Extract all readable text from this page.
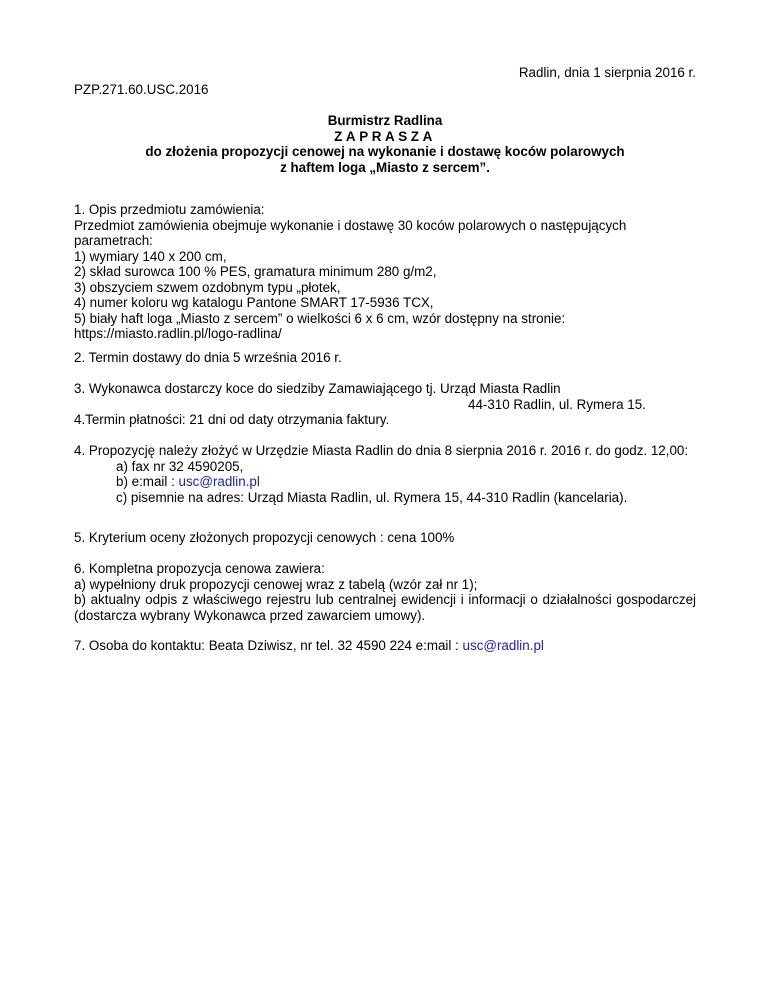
Radlin, dnia 1 sierpnia 2016 r.
PZP.271.60.USC.2016
Burmistrz Radlina
ZAPRASZA
do złożenia propozycji cenowej na wykonanie i dostawę koców polarowych
z haftem loga „Miasto z sercem”.
1. Opis przedmiotu zamówienia:
Przedmiot zamówienia obejmuje wykonanie i dostawę 30 koców polarowych o następujących parametrach:
1) wymiary 140 x 200 cm,
2) skład surowca 100 % PES, gramatura minimum 280 g/m2,
3) obszyciem szwem ozdobnym typu „płotek,
4) numer koloru wg katalogu Pantone SMART 17-5936 TCX,
5) biały haft loga „Miasto z sercem” o wielkości 6 x 6 cm, wzór dostępny na stronie:
https://miasto.radlin.pl/logo-radlina/
2. Termin dostawy do dnia 5 września 2016 r.
3. Wykonawca dostarczy koce do siedziby Zamawiającego tj. Urząd Miasta Radlin
44-310 Radlin, ul. Rymera 15.
4.Termin płatności: 21 dni od daty otrzymania faktury.
4. Propozycję należy złożyć w Urzędzie Miasta Radlin do dnia 8 sierpnia 2016 r. 2016 r. do godz. 12,00:
a) fax nr 32 4590205,
b) e:mail : usc@radlin.pl
c) pisemnie na adres: Urząd Miasta Radlin, ul. Rymera 15, 44-310 Radlin (kancelaria).
5. Kryterium oceny złożonych propozycji cenowych : cena 100%
6. Kompletna propozycja cenowa zawiera:
a) wypełniony druk propozycji cenowej wraz z tabelą (wzór zał nr 1);
b) aktualny odpis z właściwego rejestru lub centralnej ewidencji i informacji o działalności gospodarczej (dostarcza wybrany Wykonawca przed zawarciem umowy).
7. Osoba do kontaktu: Beata Dziwisz, nr tel. 32 4590 224 e:mail : usc@radlin.pl
